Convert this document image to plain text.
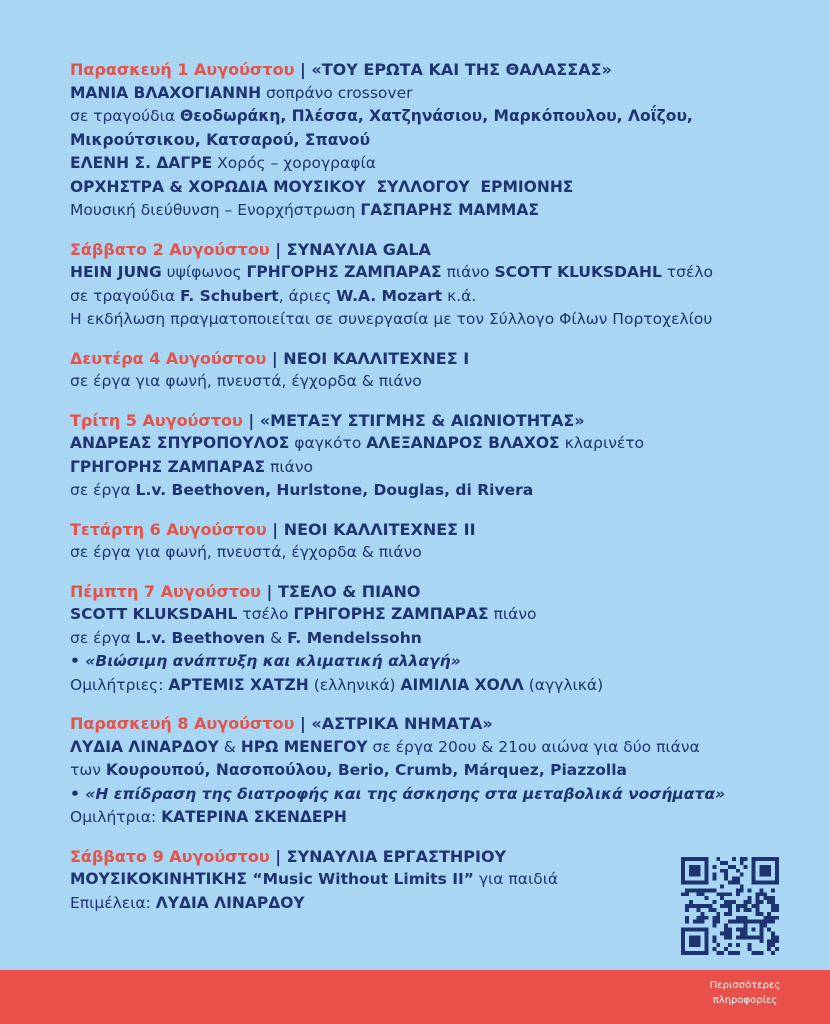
Παρασκευή 1 Αυγούστου | «ΤΟΥ ΕΡΩΤΑ ΚΑΙ ΤΗΣ ΘΑΛΑΣΣΑΣ»
ΜΑΝΙΑ ΒΛΑΧΟΓΙΑΝΝΗ σοπράνο crossover
σε τραγούδια Θεοδωράκη, Πλέσσα, Χατζηνάσιου, Μαρκόπουλου, Λοΐζου,
Μικρούτσικου, Κατσαρού, Σπανού
ΕΛΕΝΗ Σ. ΔΑΓΡΕ Χορός – χορογραφία
ΟΡΧΗΣΤΡΑ & ΧΟΡΩΔΙΑ ΜΟΥΣΙΚΟΥ  ΣΥΛΛΟΓΟΥ  ΕΡΜΙΟΝΗΣ
Μουσική διεύθυνση – Ενορχήστρωση ΓΑΣΠΑΡΗΣ ΜΑΜΜΑΣ
Σάββατο 2 Αυγούστου | ΣΥΝΑΥΛΙΑ GALA
HEIN JUNG υψίφωνος ΓΡΗΓΟΡΗΣ ΖΑΜΠΑΡΑΣ πιάνο SCOTT KLUKSDAHL τσέλο
σε τραγούδια F. Schubert, άριες W.A. Mozart κ.ά.
Η εκδήλωση πραγματοποιείται σε συνεργασία με τον Σύλλογο Φίλων Πορτοχελίου
Δευτέρα 4 Αυγούστου | ΝΕΟΙ ΚΑΛΛΙΤΕΧΝΕΣ Ι
σε έργα για φωνή, πνευστά, έγχορδα & πιάνο
Τρίτη 5 Αυγούστου | «ΜΕΤΑΞΥ ΣΤΙΓΜΗΣ & ΑΙΩΝΙΟΤΗΤΑΣ»
ΑΝΔΡΕΑΣ ΣΠΥΡΟΠΟΥΛΟΣ φαγκότο ΑΛΕΞΑΝΔΡΟΣ ΒΛΑΧΟΣ κλαρινέτο
ΓΡΗΓΟΡΗΣ ΖΑΜΠΑΡΑΣ πιάνο
σε έργα L.v. Beethoven, Hurlstone, Douglas, di Rivera
Τετάρτη 6 Αυγούστου | ΝΕΟΙ ΚΑΛΛΙΤΕΧΝΕΣ ΙΙ
σε έργα για φωνή, πνευστά, έγχορδα & πιάνο
Πέμπτη 7 Αυγούστου | ΤΣΕΛΟ & ΠΙΑΝΟ
SCOTT KLUKSDAHL τσέλο ΓΡΗΓΟΡΗΣ ΖΑΜΠΑΡΑΣ πιάνο
σε έργα L.v. Beethoven & F. Mendelssohn
• «Βιώσιμη ανάπτυξη και κλιματική αλλαγή»
Ομιλήτριες: ΑΡΤΕΜΙΣ ΧΑΤΖΗ (ελληνικά) ΑΙΜΙΛΙΑ ΧΟΛΛ (αγγλικά)
Παρασκευή 8 Αυγούστου | «ΑΣΤΡΙΚΑ ΝΗΜΑΤΑ»
ΛΥΔΙΑ ΛΙΝΑΡΔΟΥ & ΗΡΩ ΜΕΝΕΓΟΥ σε έργα 20ου & 21ου αιώνα για δύο πιάνα
των Κουρουπού, Νασοπούλου, Berio, Crumb, Márquez, Piazzolla
• «Η επίδραση της διατροφής και της άσκησης στα μεταβολικά νοσήματα»
Ομιλήτρια: ΚΑΤΕΡΙΝΑ ΣΚΕΝΔΕΡΗ
Σάββατο 9 Αυγούστου | ΣΥΝΑΥΛΙΑ ΕΡΓΑΣΤΗΡΙΟΥ
ΜΟΥΣΙΚΟΚΙΝΗΤΙΚΗΣ “Music Without Limits II” για παιδιά
Επιμέλεια: ΛΥΔΙΑ ΛΙΝΑΡΔΟΥ
Περισσότερες
πληροφορίες
